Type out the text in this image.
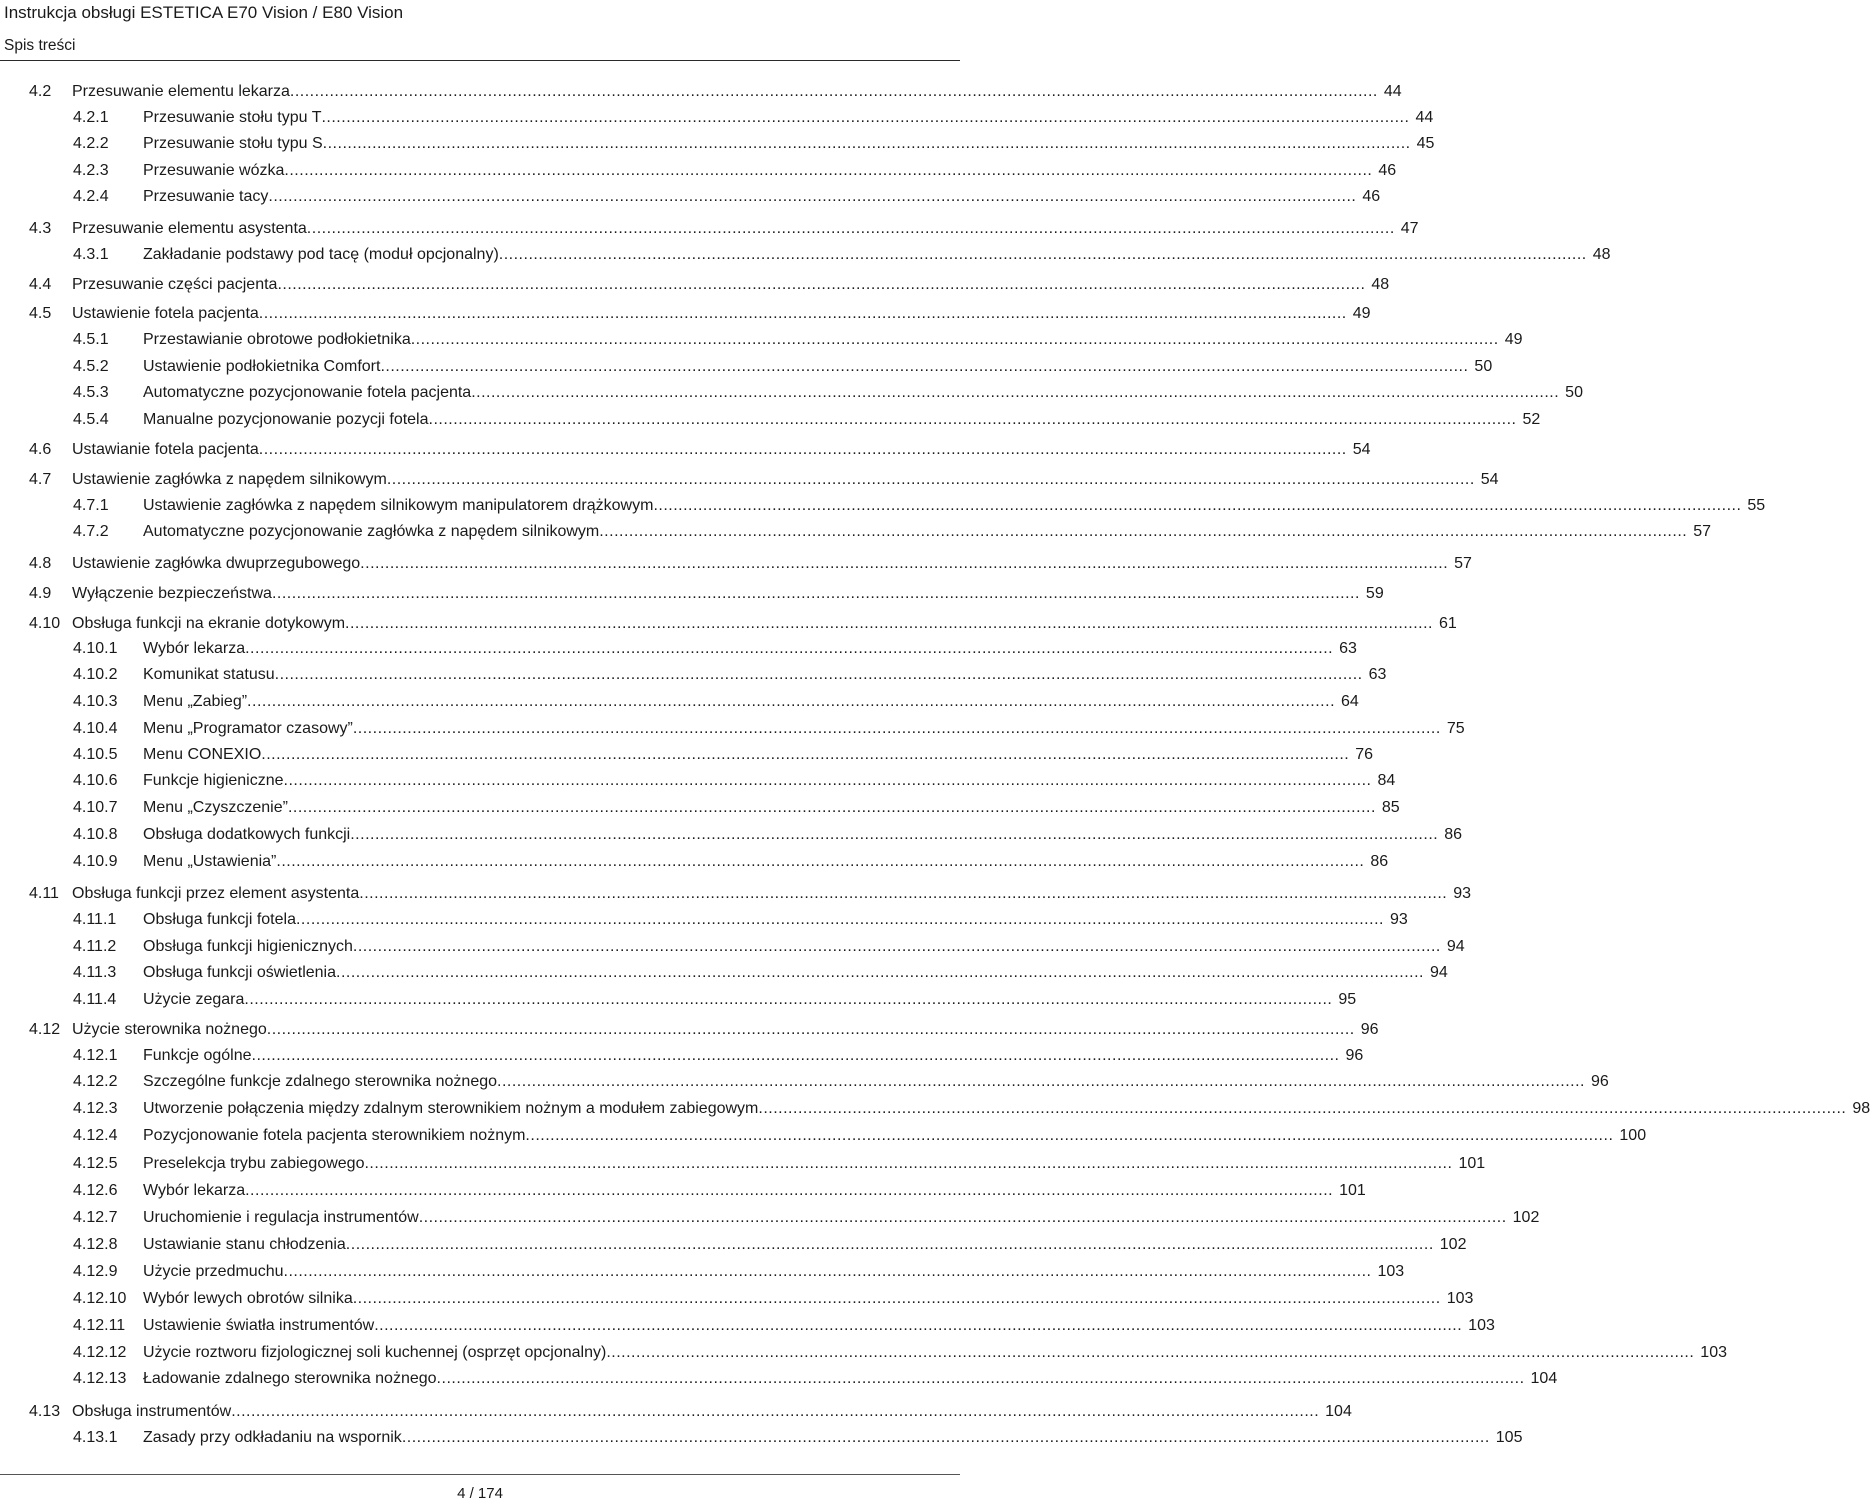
Instrukcja obsługi ESTETICA E70 Vision / E80 Vision
Spis treści
4.2 Przesuwanie elementu lekarza ............................................................................................................................................................................................................................ 44
4.2.1 Przesuwanie stołu typu T ............................................................................................................................................................................................................................ 44
4.2.2 Przesuwanie stołu typu S ............................................................................................................................................................................................................................ 45
4.2.3 Przesuwanie wózka ............................................................................................................................................................................................................................ 46
4.2.4 Przesuwanie tacy ............................................................................................................................................................................................................................ 46
4.3 Przesuwanie elementu asystenta ............................................................................................................................................................................................................................ 47
4.3.1 Zakładanie podstawy pod tacę (moduł opcjonalny) ............................................................................................................................................................................................................................ 48
4.4 Przesuwanie części pacjenta ............................................................................................................................................................................................................................ 48
4.5 Ustawienie fotela pacjenta ............................................................................................................................................................................................................................ 49
4.5.1 Przestawianie obrotowe podłokietnika ............................................................................................................................................................................................................................ 49
4.5.2 Ustawienie podłokietnika Comfort ............................................................................................................................................................................................................................ 50
4.5.3 Automatyczne pozycjonowanie fotela pacjenta ............................................................................................................................................................................................................................ 50
4.5.4 Manualne pozycjonowanie pozycji fotela ............................................................................................................................................................................................................................ 52
4.6 Ustawianie fotela pacjenta ............................................................................................................................................................................................................................ 54
4.7 Ustawienie zagłówka z napędem silnikowym ............................................................................................................................................................................................................................ 54
4.7.1 Ustawienie zagłówka z napędem silnikowym manipulatorem drążkowym ............................................................................................................................................................................................................................ 55
4.7.2 Automatyczne pozycjonowanie zagłówka z napędem silnikowym ............................................................................................................................................................................................................................ 57
4.8 Ustawienie zagłówka dwuprzegubowego ............................................................................................................................................................................................................................ 57
4.9 Wyłączenie bezpieczeństwa ............................................................................................................................................................................................................................ 59
4.10 Obsługa funkcji na ekranie dotykowym ............................................................................................................................................................................................................................ 61
4.10.1 Wybór lekarza ............................................................................................................................................................................................................................ 63
4.10.2 Komunikat statusu ............................................................................................................................................................................................................................ 63
4.10.3 Menu „Zabieg” ............................................................................................................................................................................................................................ 64
4.10.4 Menu „Programator czasowy” ............................................................................................................................................................................................................................ 75
4.10.5 Menu CONEXIO ............................................................................................................................................................................................................................ 76
4.10.6 Funkcje higieniczne ............................................................................................................................................................................................................................ 84
4.10.7 Menu „Czyszczenie” ............................................................................................................................................................................................................................ 85
4.10.8 Obsługa dodatkowych funkcji ............................................................................................................................................................................................................................ 86
4.10.9 Menu „Ustawienia” ............................................................................................................................................................................................................................ 86
4.11 Obsługa funkcji przez element asystenta ............................................................................................................................................................................................................................ 93
4.11.1 Obsługa funkcji fotela ............................................................................................................................................................................................................................ 93
4.11.2 Obsługa funkcji higienicznych ............................................................................................................................................................................................................................ 94
4.11.3 Obsługa funkcji oświetlenia ............................................................................................................................................................................................................................ 94
4.11.4 Użycie zegara ............................................................................................................................................................................................................................ 95
4.12 Użycie sterownika nożnego ............................................................................................................................................................................................................................ 96
4.12.1 Funkcje ogólne ............................................................................................................................................................................................................................ 96
4.12.2 Szczególne funkcje zdalnego sterownika nożnego ............................................................................................................................................................................................................................ 96
4.12.3 Utworzenie połączenia między zdalnym sterownikiem nożnym a modułem zabiegowym ............................................................................................................................................................................................................................ 98
4.12.4 Pozycjonowanie fotela pacjenta sterownikiem nożnym ............................................................................................................................................................................................................................ 100
4.12.5 Preselekcja trybu zabiegowego ............................................................................................................................................................................................................................ 101
4.12.6 Wybór lekarza ............................................................................................................................................................................................................................ 101
4.12.7 Uruchomienie i regulacja instrumentów ............................................................................................................................................................................................................................ 102
4.12.8 Ustawianie stanu chłodzenia ............................................................................................................................................................................................................................ 102
4.12.9 Użycie przedmuchu ............................................................................................................................................................................................................................ 103
4.12.10 Wybór lewych obrotów silnika ............................................................................................................................................................................................................................ 103
4.12.11 Ustawienie światła instrumentów ............................................................................................................................................................................................................................ 103
4.12.12 Użycie roztworu fizjologicznej soli kuchennej (osprzęt opcjonalny) ............................................................................................................................................................................................................................ 103
4.12.13 Ładowanie zdalnego sterownika nożnego ............................................................................................................................................................................................................................ 104
4.13 Obsługa instrumentów ............................................................................................................................................................................................................................ 104
4.13.1 Zasady przy odkładaniu na wspornik ............................................................................................................................................................................................................................ 105
4 / 174
